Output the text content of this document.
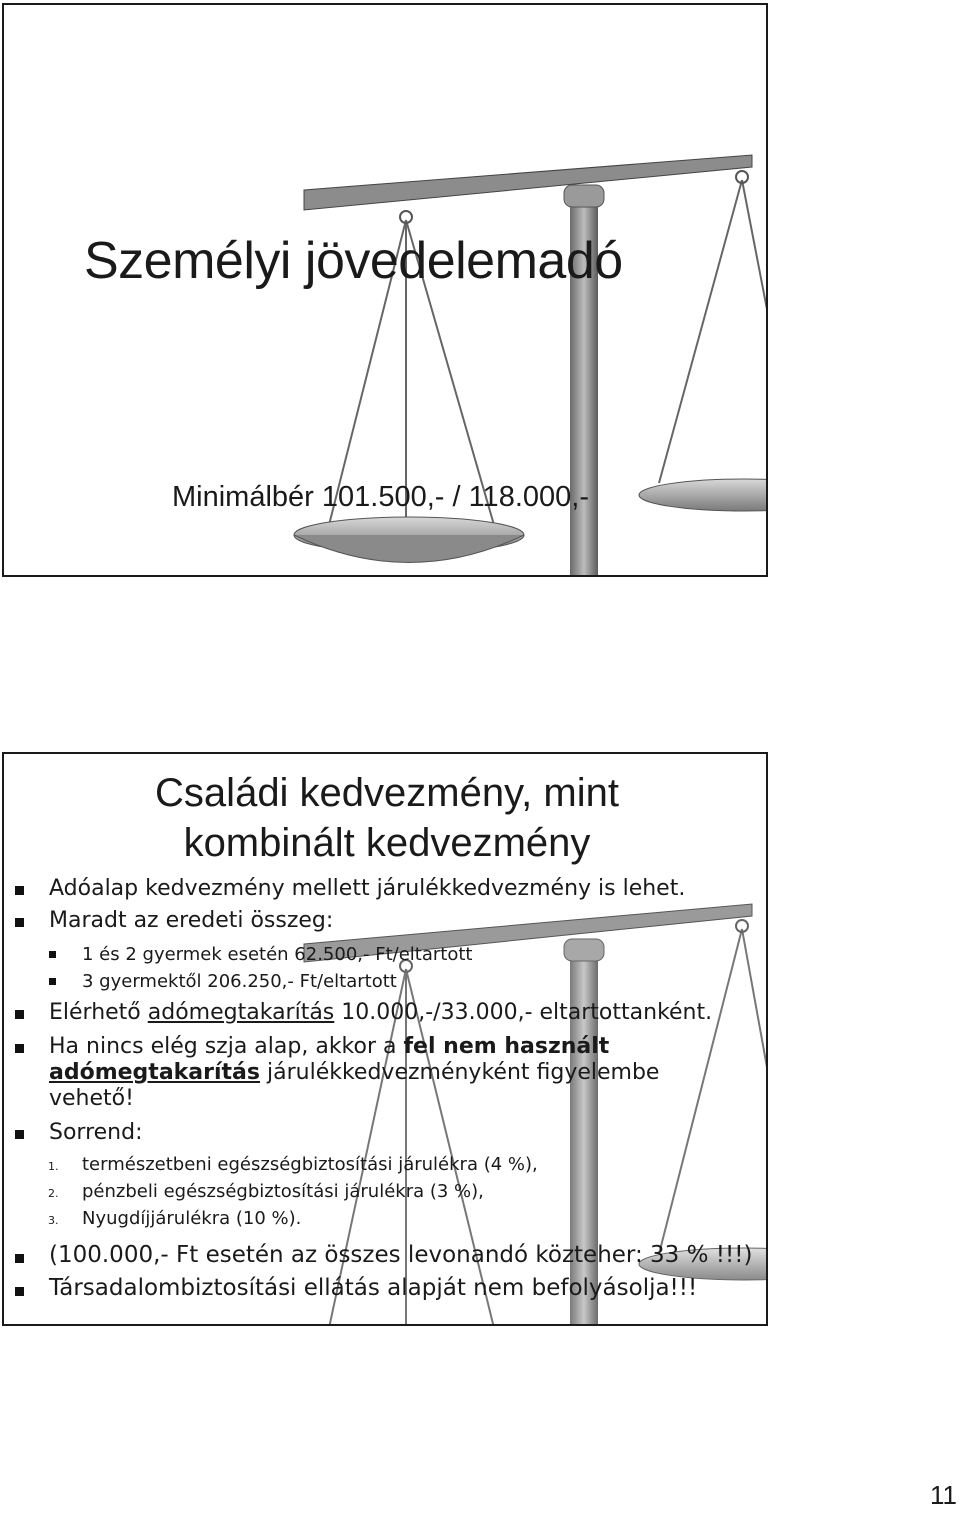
Személyi jövedelemadó
Minimálbér 101.500,- / 118.000,-
Családi kedvezmény, mint
kombinált kedvezmény
Adóalap kedvezmény mellett járulékkedvezmény is lehet.
Maradt az eredeti összeg:
1 és 2 gyermek esetén 62.500,- Ft/eltartott
3 gyermektől 206.250,- Ft/eltartott
Elérhető adómegtakarítás 10.000,-/33.000,- eltartottanként.
Ha nincs elég szja alap, akkor a fel nem használt
adómegtakarítás járulékkedvezményként figyelembe
vehető!
Sorrend:
1. természetbeni egészségbiztosítási járulékra (4 %),
2. pénzbeli egészségbiztosítási járulékra (3 %),
3. Nyugdíjjárulékra (10 %).
(100.000,- Ft esetén az összes levonandó közteher: 33 % !!!)
Társadalombiztosítási ellátás alapját nem befolyásolja!!!
11
